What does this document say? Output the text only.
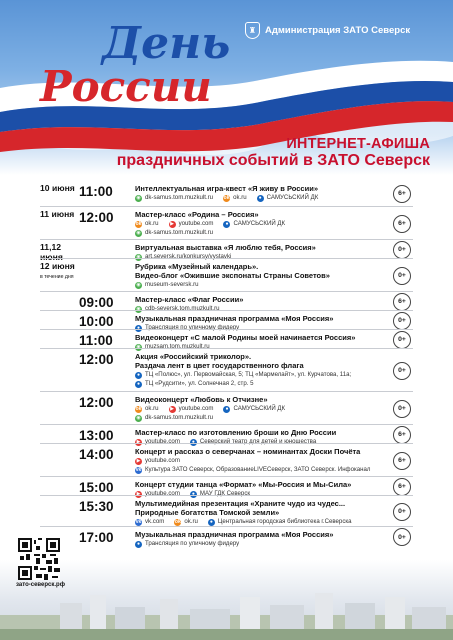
День
России
♜ Администрация ЗАТО Северск
ИНТЕРНЕТ-АФИША
праздничных событий в ЗАТО Северск
10 июня 11:00	Интеллектуальная игра-квест «Я живу в России»
◉ dk-samus.tom.muzkult.ru ok ok.ru	● САМУСЬСКИЙ ДК
6+
11 июня 12:00	Мастер-класс «Родина – Россия»
ok ok.ru	▶ youtube.com	● САМУСЬСКИЙ ДК
◉ dk-samus.tom.muzkult.ru
6+
11,12 июня
Виртуальная выставка «Я люблю тебя, Россия»
◉ art.seversk.ru/konkursy/vystavki
0+
12 июня
в течение дня
Рубрика «Музейный календарь».
Видео-блог «Ожившие экспонаты Страны Советов»
◉ museum-seversk.ru
0+
09:00	Мастер-класс «Флаг России»
◉ cdb-seversk.tom.muzkult.ru
6+
10:00	Музыкальная праздничная программа «Моя Россия»
● Трансляция по уличному фидеру
0+
11:00	Видеоконцерт «С малой Родины моей начинается Россия»
◉ muzsam.tom.muzkult.ru
0+
12:00	Акция «Российский триколор».
Раздача лент в цвет государственного флага
● ТЦ «Полюс», ул. Первомайская, 5; ТЦ «Мармелайт», ул. Курчатова, 11а;
● ТЦ «Рудсити», ул. Солнечная 2, стр. 5
0+
12:00	Видеоконцерт «Любовь к Отчизне»
ok ok.ru	▶ youtube.com	● САМУСЬСКИЙ ДК
◉ dk-samus.tom.muzkult.ru
0+
13:00	Мастер-класс по изготовлению броши ко Дню России
▶ youtube.com	● Северский театр для детей и юношества
6+
14:00	Концерт и рассказ о северчанах – номинантах Доски Почёта
▶ youtube.com
vk Культура ЗАТО Северск, ОбразованиеLIVEСеверск, ЗАТО Северск. Инфоканал
6+
15:00	Концерт студии танца «Формат» «Мы-Россия и Мы-Сила»
▶ youtube.com	● МАУ ГДК Северск
6+
15:30	Мультимедийная презентация «Храните чудо из чудес...
Природные богатства Томской земли»
vk vk.com ok ok.ru	● Центральная городская библиотека г.Северска
0+
17:00	Музыкальная праздничная программа «Моя Россия»
● Трансляция по уличному фидеру
0+
зато-северск.рф
